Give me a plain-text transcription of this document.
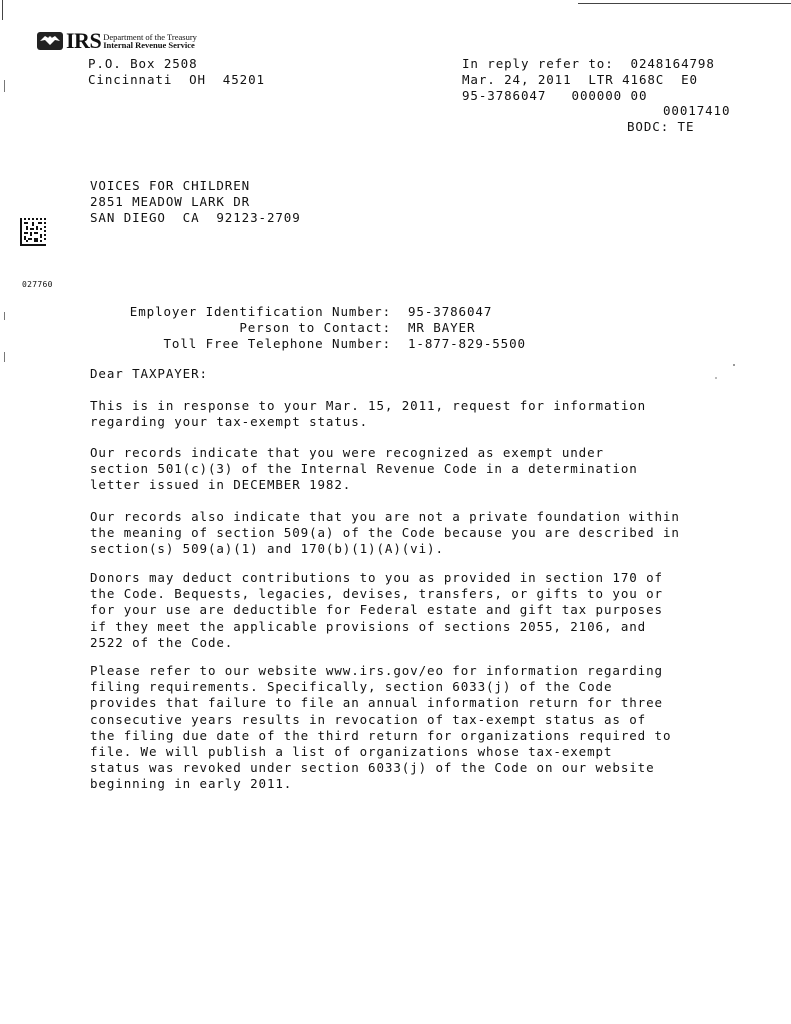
IRS Department of the Treasury
Internal Revenue Service
P.O. Box 2508
Cincinnati  OH  45201
In reply refer to:  0248164798
Mar. 24, 2011  LTR 4168C  E0
95-3786047   000000 00
00017410
BODC: TE
VOICES FOR CHILDREN
2851 MEADOW LARK DR
SAN DIEGO  CA  92123-2709
027760
Employer Identification Number: 95-3786047
Person to Contact: MR BAYER
Toll Free Telephone Number: 1-877-829-5500
Dear TAXPAYER:
This is in response to your Mar. 15, 2011, request for information
regarding your tax-exempt status.
Our records indicate that you were recognized as exempt under
section 501(c)(3) of the Internal Revenue Code in a determination
letter issued in DECEMBER 1982.
Our records also indicate that you are not a private foundation within
the meaning of section 509(a) of the Code because you are described in
section(s) 509(a)(1) and 170(b)(1)(A)(vi).
Donors may deduct contributions to you as provided in section 170 of
the Code. Bequests, legacies, devises, transfers, or gifts to you or
for your use are deductible for Federal estate and gift tax purposes
if they meet the applicable provisions of sections 2055, 2106, and
2522 of the Code.
Please refer to our website www.irs.gov/eo for information regarding
filing requirements. Specifically, section 6033(j) of the Code
provides that failure to file an annual information return for three
consecutive years results in revocation of tax-exempt status as of
the filing due date of the third return for organizations required to
file. We will publish a list of organizations whose tax-exempt
status was revoked under section 6033(j) of the Code on our website
beginning in early 2011.
